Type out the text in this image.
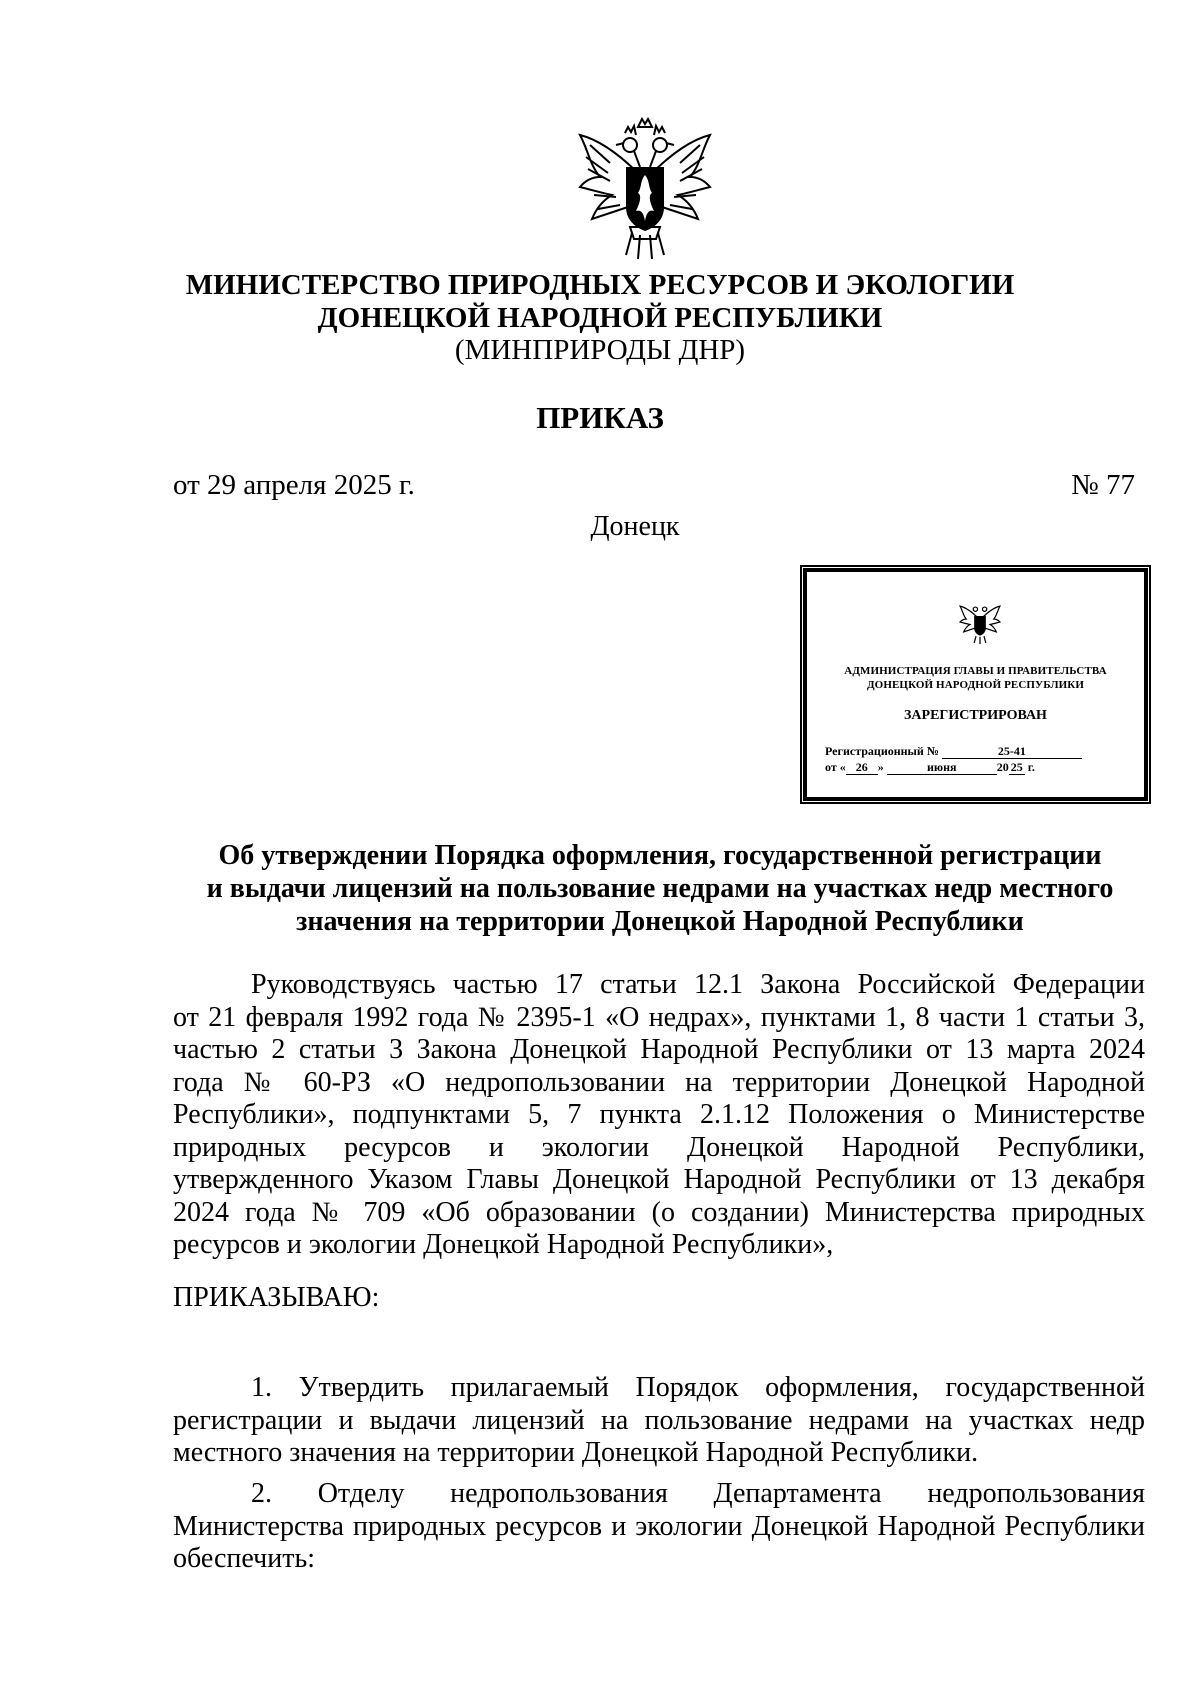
МИНИСТЕРСТВО ПРИРОДНЫХ РЕСУРСОВ И ЭКОЛОГИИ
ДОНЕЦКОЙ НАРОДНОЙ РЕСПУБЛИКИ
(МИНПРИРОДЫ ДНР)
ПРИКАЗ
от 29 апреля 2025 г.	№ 77
Донецк
АДМИНИСТРАЦИЯ ГЛАВЫ И ПРАВИТЕЛЬСТВА
ДОНЕЦКОЙ НАРОДНОЙ РЕСПУБЛИКИ
ЗАРЕГИСТРИРОВАН
Регистрационный №	25-41
от « 26 »	июня	20 25 г.
Об утверждении Порядка оформления, государственной регистрации
и выдачи лицензий на пользование недрами на участках недр местного
значения на территории Донецкой Народной Республики
Руководствуясь частью 17 статьи 12.1 Закона Российской Федерации
от 21 февраля 1992 года № 2395-1 «О недрах», пунктами 1, 8 части 1 статьи 3,
частью 2 статьи 3 Закона Донецкой Народной Республики от 13 марта 2024
года № 60-РЗ «О недропользовании на территории Донецкой Народной
Республики», подпунктами 5, 7 пункта 2.1.12 Положения о Министерстве
природных ресурсов и экологии Донецкой Народной Республики,
утвержденного Указом Главы Донецкой Народной Республики от 13 декабря
2024 года № 709 «Об образовании (о создании) Министерства природных
ресурсов и экологии Донецкой Народной Республики»,
ПРИКАЗЫВАЮ:
1. Утвердить прилагаемый Порядок оформления, государственной
регистрации и выдачи лицензий на пользование недрами на участках недр
местного значения на территории Донецкой Народной Республики.
2. Отделу недропользования Департамента недропользования
Министерства природных ресурсов и экологии Донецкой Народной Республики
обеспечить:
